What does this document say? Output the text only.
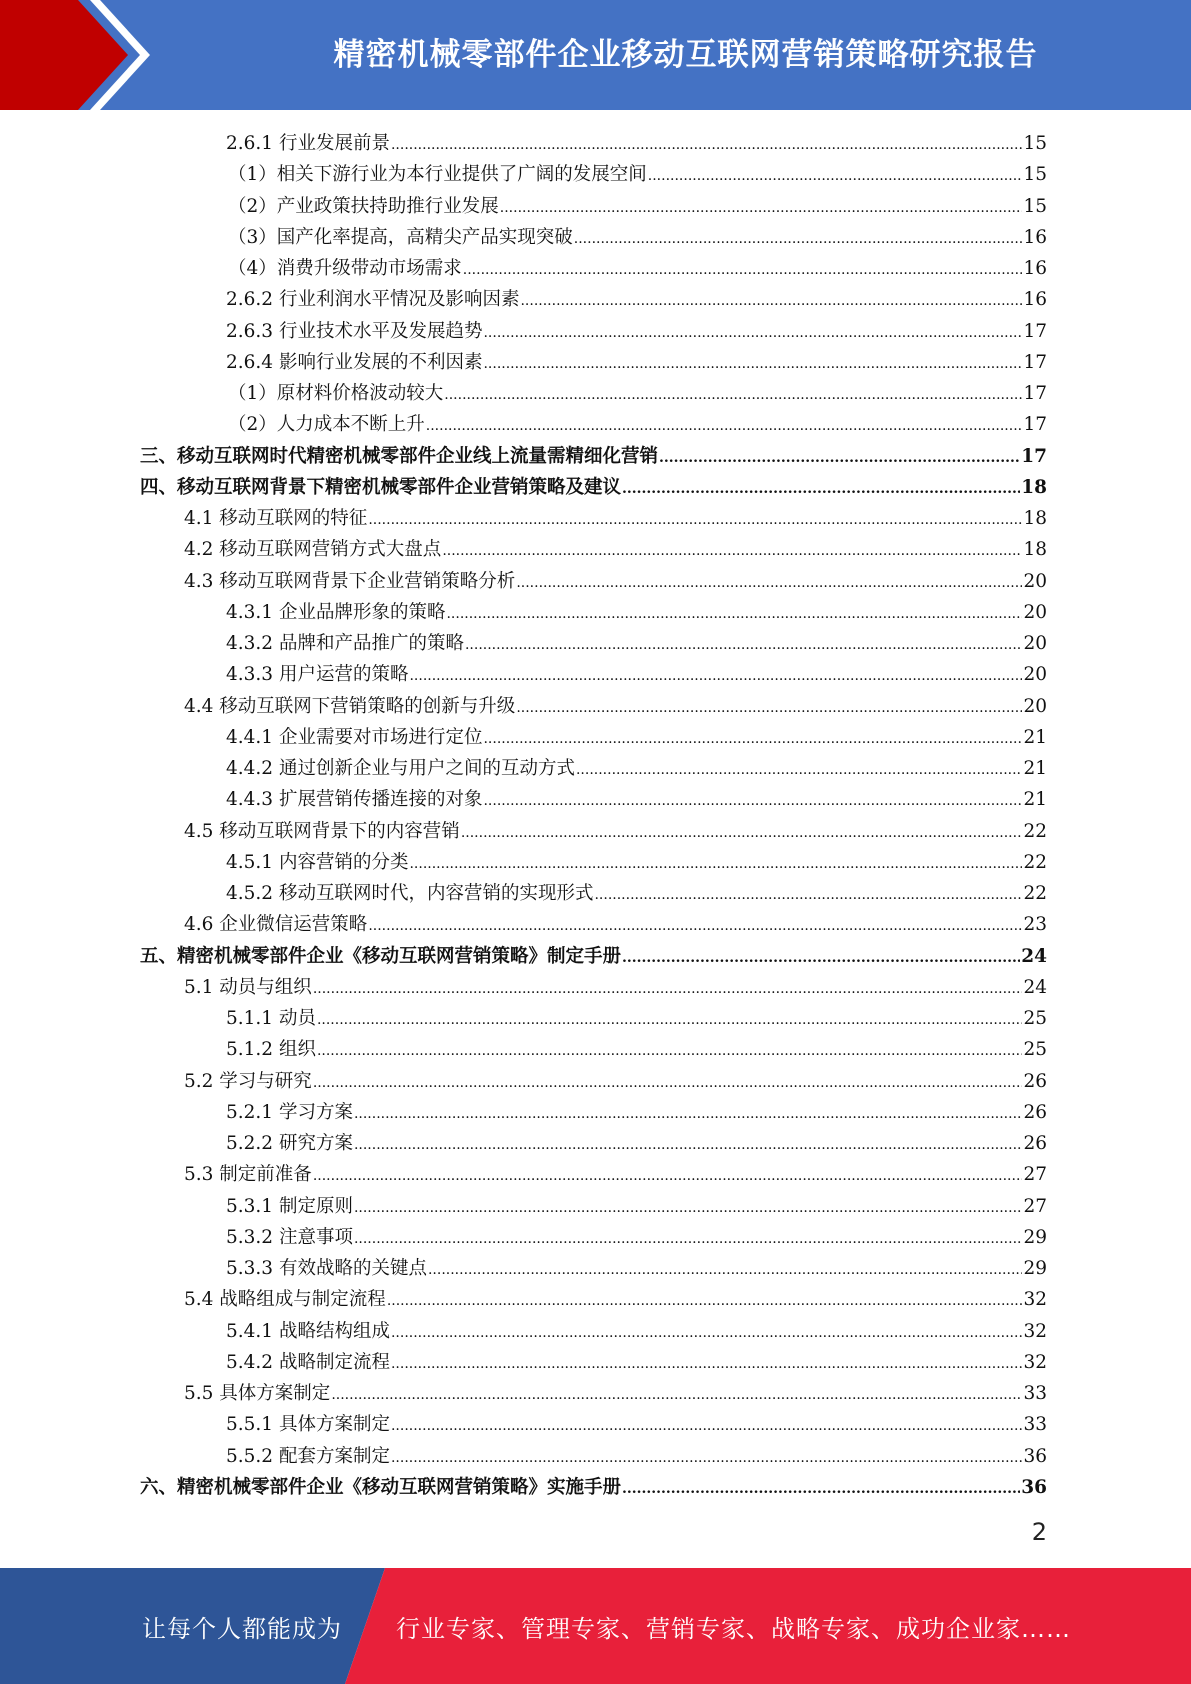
精密机械零部件企业移动互联网营销策略研究报告
2.6.1 行业发展前景 .....	15
（1）相关下游行业为本行业提供了广阔的发展空间 .....	15
（2）产业政策扶持助推行业发展 .....	15
（3）国产化率提高，高精尖产品实现突破 .....	16
（4）消费升级带动市场需求 .....	16
2.6.2 行业利润水平情况及影响因素 .....	16
2.6.3 行业技术水平及发展趋势 .....	17
2.6.4 影响行业发展的不利因素 .....	17
（1）原材料价格波动较大 .....	17
（2）人力成本不断上升 .....	17
三、移动互联网时代精密机械零部件企业线上流量需精细化营销 .....	17
四、移动互联网背景下精密机械零部件企业营销策略及建议 .....	18
4.1 移动互联网的特征 .....	18
4.2 移动互联网营销方式大盘点 .....	18
4.3 移动互联网背景下企业营销策略分析 .....	20
4.3.1 企业品牌形象的策略 .....	20
4.3.2 品牌和产品推广的策略 .....	20
4.3.3 用户运营的策略 .....	20
4.4 移动互联网下营销策略的创新与升级 .....	20
4.4.1 企业需要对市场进行定位 .....	21
4.4.2 通过创新企业与用户之间的互动方式 .....	21
4.4.3 扩展营销传播连接的对象 .....	21
4.5 移动互联网背景下的内容营销 .....	22
4.5.1 内容营销的分类 .....	22
4.5.2 移动互联网时代，内容营销的实现形式 .....	22
4.6 企业微信运营策略 .....	23
五、精密机械零部件企业《移动互联网营销策略》制定手册 .....	24
5.1 动员与组织 .....	24
5.1.1 动员 .....	25
5.1.2 组织 .....	25
5.2 学习与研究 .....	26
5.2.1 学习方案 .....	26
5.2.2 研究方案 .....	26
5.3 制定前准备 .....	27
5.3.1 制定原则 .....	27
5.3.2 注意事项 .....	29
5.3.3 有效战略的关键点 .....	29
5.4 战略组成与制定流程 .....	32
5.4.1 战略结构组成 .....	32
5.4.2 战略制定流程 .....	32
5.5 具体方案制定 .....	33
5.5.1 具体方案制定 .....	33
5.5.2 配套方案制定 .....	36
六、精密机械零部件企业《移动互联网营销策略》实施手册 .....	36
2
让每个人都能成为 行业专家、管理专家、营销专家、战略专家、成功企业家……
